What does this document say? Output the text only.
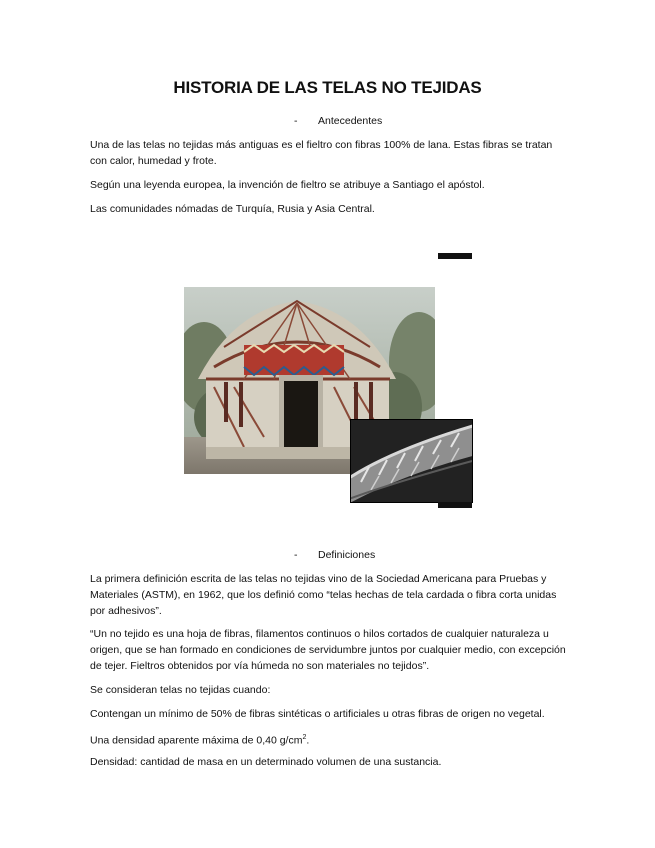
HISTORIA DE LAS TELAS NO TEJIDAS
- Antecedentes

Una de las telas no tejidas más antiguas es el fieltro con fibras 100% de lana. Estas fibras se tratan con calor, humedad y frote.

Según una leyenda europea, la invención de fieltro se atribuye a Santiago el apóstol.

Las comunidades nómadas de Turquía, Rusia y Asia Central.

- Definiciones

La primera definición escrita de las telas no tejidas vino de la Sociedad Americana para Pruebas y Materiales (ASTM), en 1962, que los definió como “telas hechas de tela cardada o fibra corta unidas por adhesivos”.

“Un no tejido es una hoja de fibras, filamentos continuos o hilos cortados de cualquier naturaleza u origen, que se han formado en condiciones de servidumbre juntos por cualquier medio, con excepción de tejer. Fieltros obtenidos por vía húmeda no son materiales no tejidos”.

Se consideran telas no tejidas cuando:

Contengan un mínimo de 50% de fibras sintéticas o artificiales u otras fibras de origen no vegetal.

Una densidad aparente máxima de 0,40 $g/cm^2$.

Densidad: cantidad de masa en un determinado volumen de una sustancia.
